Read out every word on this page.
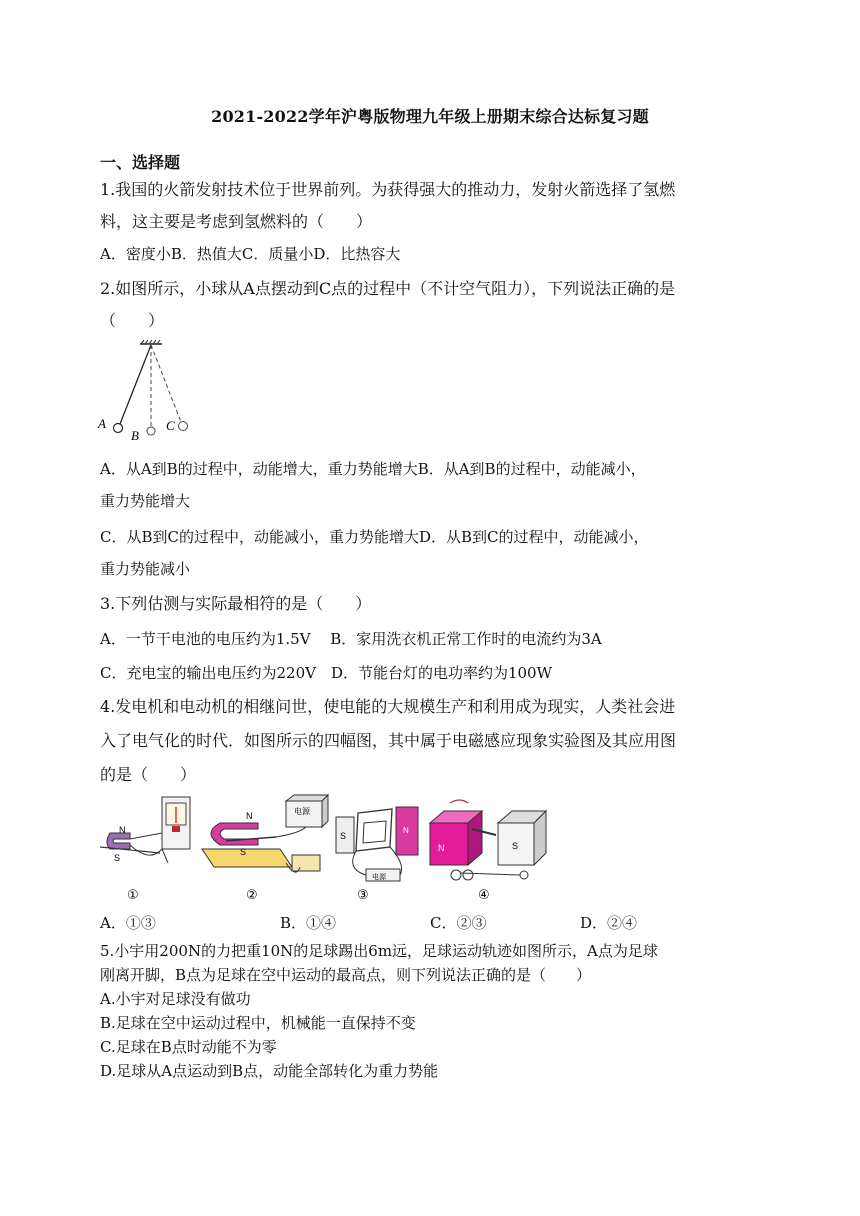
2021-2022学年沪粤版物理九年级上册期末综合达标复习题
一、选择题
1.我国的火箭发射技术位于世界前列。为获得强大的推动力，发射火箭选择了氢燃
料，这主要是考虑到氢燃料的（　　）
A．密度小B．热值大C．质量小D．比热容大
2.如图所示，小球从A点摆动到C点的过程中（不计空气阻力），下列说法正确的是
（　　）
A
B
C
A．从A到B的过程中，动能增大，重力势能增大B．从A到B的过程中，动能减小，
重力势能增大
C．从B到C的过程中，动能减小，重力势能增大D．从B到C的过程中，动能减小，
重力势能减小
3.下列估测与实际最相符的是（　　）
A．一节干电池的电压约为1.5V　 B．家用洗衣机正常工作时的电流约为3A
C．充电宝的输出电压约为220V　D．节能台灯的电功率约为100W
4.发电机和电动机的相继问世，使电能的大规模生产和利用成为现实，人类社会进
入了电气化的时代．如图所示的四幅图，其中属于电磁感应现象实验图及其应用图
的是（　　）
N
S
①
N
S
电源
②
S
N
电源
③
N	S
④
A．①③	B．①④	C．②③	D．②④
5.小宇用200N的力把重10N的足球踢出6m远，足球运动轨迹如图所示，A点为足球
刚离开脚，B点为足球在空中运动的最高点，则下列说法正确的是（　　）
A.小宇对足球没有做功
B.足球在空中运动过程中，机械能一直保持不变
C.足球在B点时动能不为零
D.足球从A点运动到B点，动能全部转化为重力势能
